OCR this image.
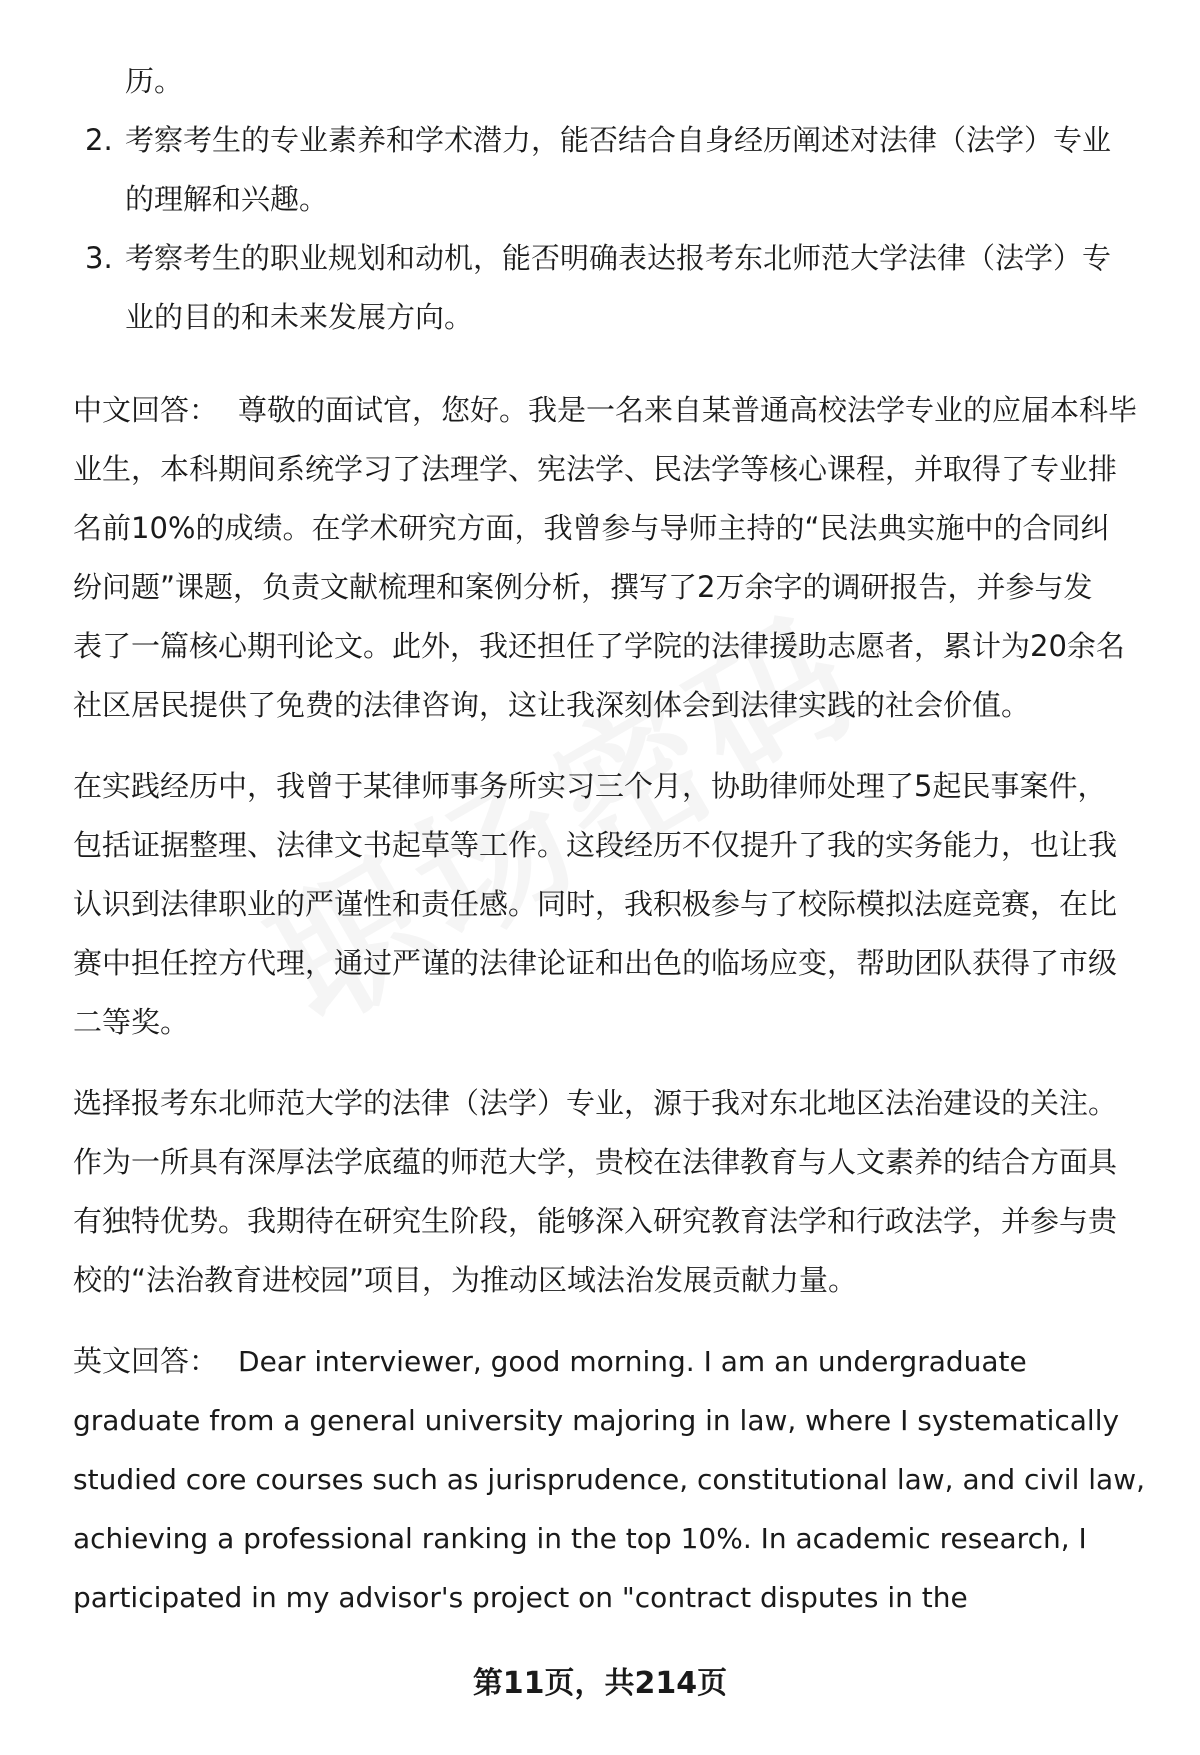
历。
2. 考察考生的专业素养和学术潜力，能否结合自身经历阐述对法律（法学）专业
的理解和兴趣。
3. 考察考生的职业规划和动机，能否明确表达报考东北师范大学法律（法学）专
业的目的和未来发展方向。
中文回答： 尊敬的面试官，您好。我是一名来自某普通高校法学专业的应届本科毕
业生，本科期间系统学习了法理学、宪法学、民法学等核心课程，并取得了专业排
名前10%的成绩。在学术研究方面，我曾参与导师主持的“民法典实施中的合同纠
纷问题”课题，负责文献梳理和案例分析，撰写了2万余字的调研报告，并参与发
表了一篇核心期刊论文。此外，我还担任了学院的法律援助志愿者，累计为20余名
社区居民提供了免费的法律咨询，这让我深刻体会到法律实践的社会价值。
在实践经历中，我曾于某律师事务所实习三个月，协助律师处理了5起民事案件，
包括证据整理、法律文书起草等工作。这段经历不仅提升了我的实务能力，也让我
认识到法律职业的严谨性和责任感。同时，我积极参与了校际模拟法庭竞赛，在比
赛中担任控方代理，通过严谨的法律论证和出色的临场应变，帮助团队获得了市级
二等奖。
选择报考东北师范大学的法律（法学）专业，源于我对东北地区法治建设的关注。
作为一所具有深厚法学底蕴的师范大学，贵校在法律教育与人文素养的结合方面具
有独特优势。我期待在研究生阶段，能够深入研究教育法学和行政法学，并参与贵
校的“法治教育进校园”项目，为推动区域法治发展贡献力量。
英文回答： Dear interviewer, good morning. I am an undergraduate
graduate from a general university majoring in law, where I systematically
studied core courses such as jurisprudence, constitutional law, and civil law,
achieving a professional ranking in the top 10%. In academic research, I
participated in my advisor's project on "contract disputes in the
第11页，共214页
